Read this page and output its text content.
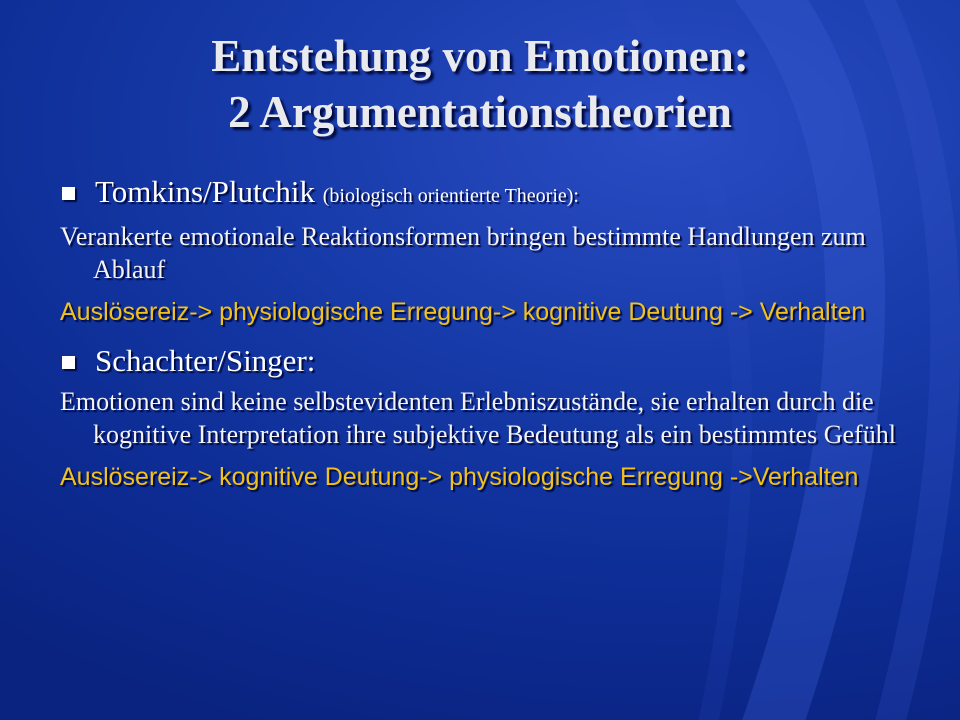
Entstehung von Emotionen:
2 Argumentationstheorien
Tomkins/Plutchik (biologisch orientierte Theorie):

Verankerte emotionale Reaktionsformen bringen bestimmte Handlungen zum Ablauf

Auslösereiz-> physiologische Erregung-> kognitive Deutung -> Verhalten

Schachter/Singer:

Emotionen sind keine selbstevidenten Erlebniszustände, sie erhalten durch die kognitive Interpretation ihre subjektive Bedeutung als ein bestimmtes Gefühl

Auslösereiz-> kognitive Deutung-> physiologische Erregung ->Verhalten
